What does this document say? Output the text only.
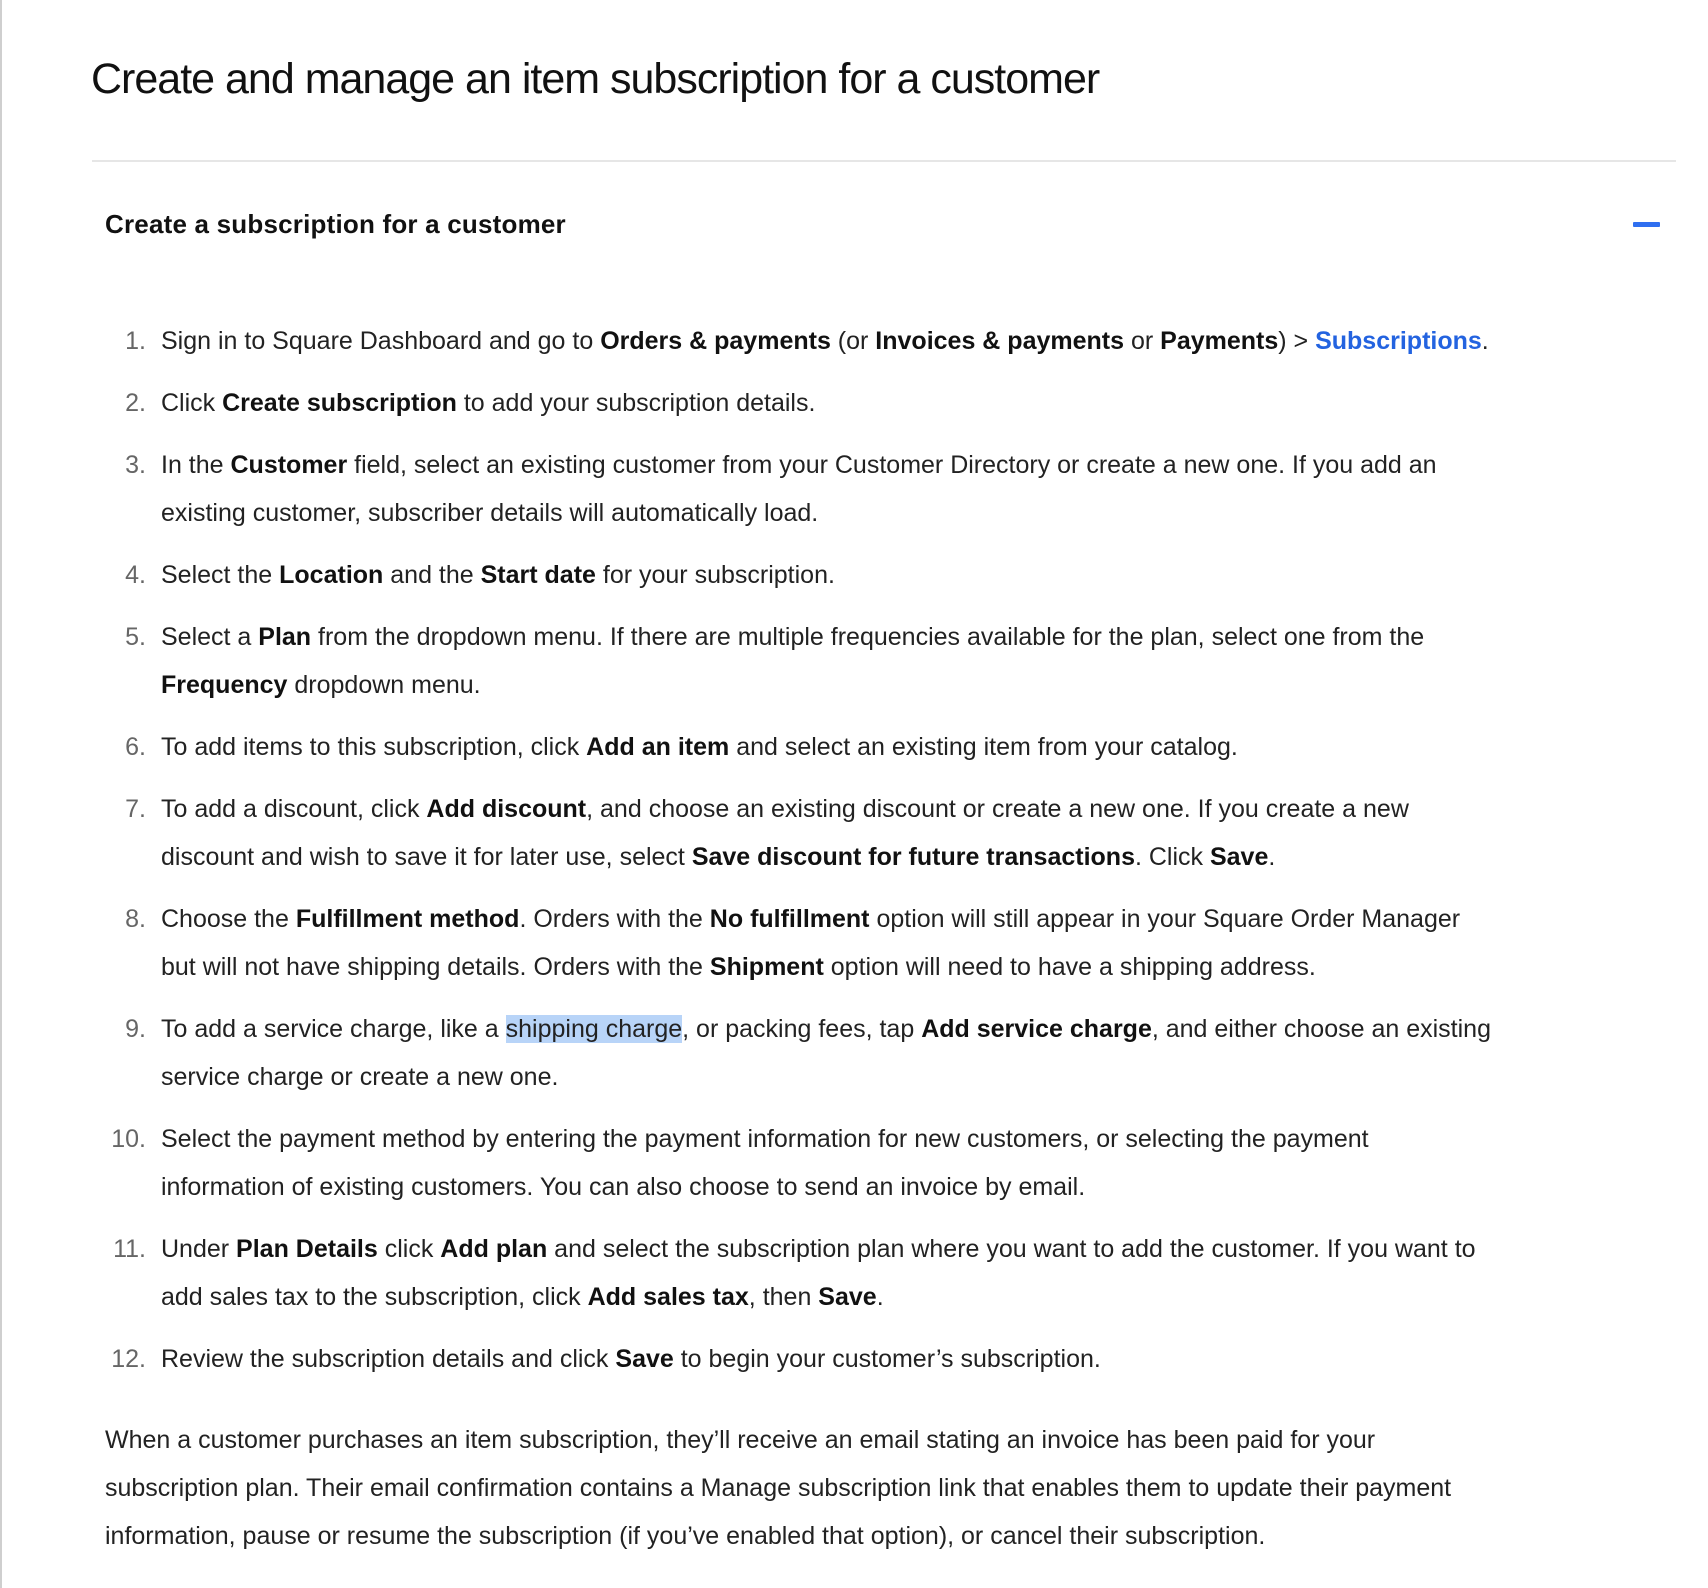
Create and manage an item subscription for a customer
Create a subscription for a customer
1. Sign in to Square Dashboard and go to Orders & payments (or Invoices & payments or Payments) > Subscriptions.
2. Click Create subscription to add your subscription details.
3. In the Customer field, select an existing customer from your Customer Directory or create a new one. If you add an
existing customer, subscriber details will automatically load.
4. Select the Location and the Start date for your subscription.
5. Select a Plan from the dropdown menu. If there are multiple frequencies available for the plan, select one from the
Frequency dropdown menu.
6. To add items to this subscription, click Add an item and select an existing item from your catalog.
7. To add a discount, click Add discount, and choose an existing discount or create a new one. If you create a new
discount and wish to save it for later use, select Save discount for future transactions. Click Save.
8. Choose the Fulfillment method. Orders with the No fulfillment option will still appear in your Square Order Manager
but will not have shipping details. Orders with the Shipment option will need to have a shipping address.
9. To add a service charge, like a shipping charge, or packing fees, tap Add service charge, and either choose an existing
service charge or create a new one.
10. Select the payment method by entering the payment information for new customers, or selecting the payment
information of existing customers. You can also choose to send an invoice by email.
11. Under Plan Details click Add plan and select the subscription plan where you want to add the customer. If you want to
add sales tax to the subscription, click Add sales tax, then Save.
12. Review the subscription details and click Save to begin your customer’s subscription.
When a customer purchases an item subscription, they’ll receive an email stating an invoice has been paid for your
subscription plan. Their email confirmation contains a Manage subscription link that enables them to update their payment
information, pause or resume the subscription (if you’ve enabled that option), or cancel their subscription.
